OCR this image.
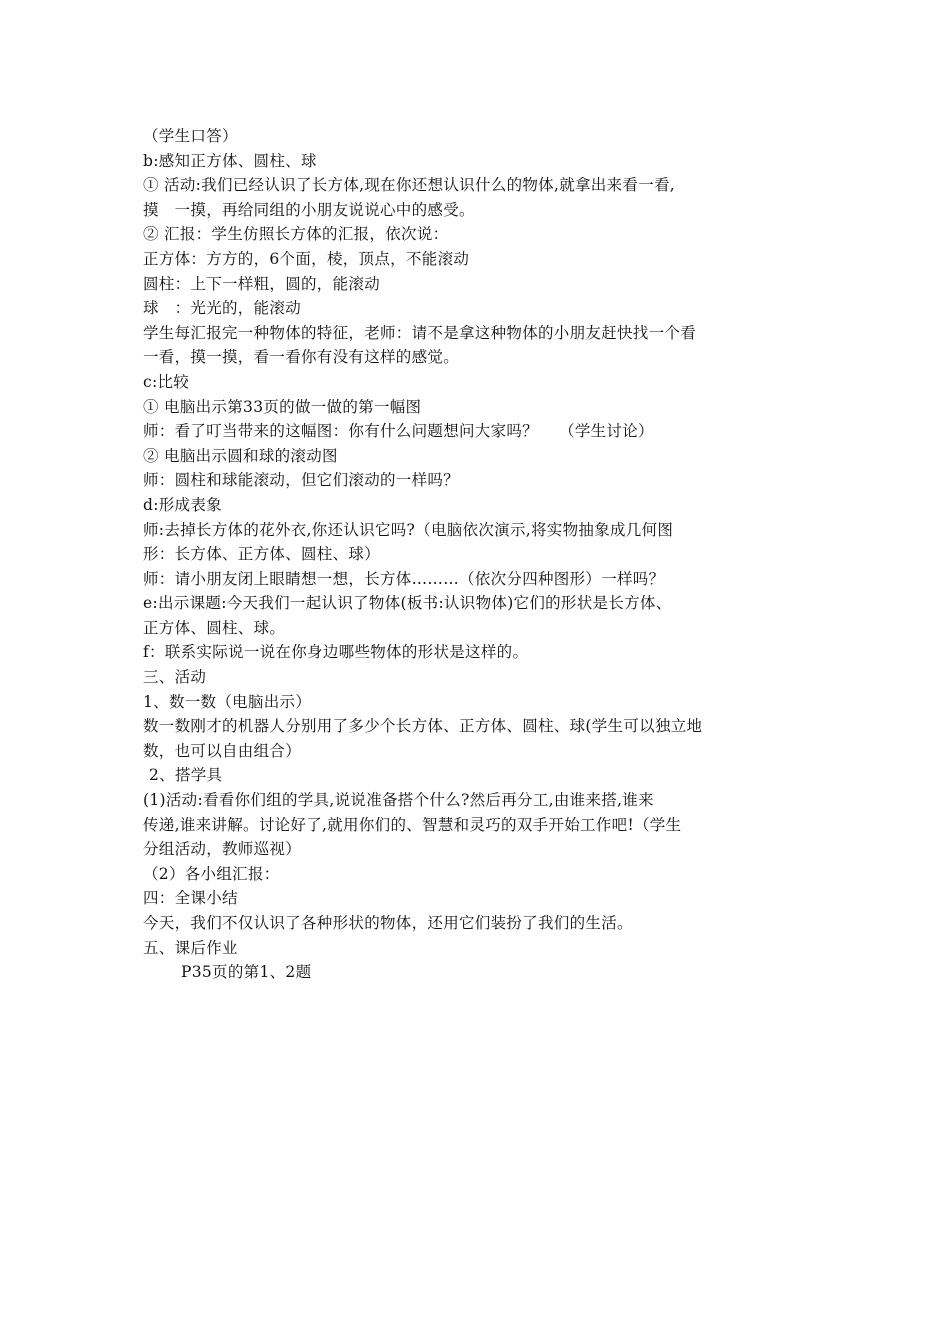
（学生口答）
b:感知正方体、圆柱、球
① 活动:我们已经认识了长方体,现在你还想认识什么的物体,就拿出来看一看,
摸　一摸，再给同组的小朋友说说心中的感受。
② 汇报：学生仿照长方体的汇报，依次说：
正方体：方方的，6个面，棱，顶点，不能滚动
圆柱：上下一样粗，圆的，能滚动
球　：光光的，能滚动
学生每汇报完一种物体的特征，老师：请不是拿这种物体的小朋友赶快找一个看
一看，摸一摸，看一看你有没有这样的感觉。
c:比较
① 电脑出示第33页的做一做的第一幅图
师：看了叮当带来的这幅图：你有什么问题想问大家吗？　 （学生讨论）
② 电脑出示圆和球的滚动图
师：圆柱和球能滚动，但它们滚动的一样吗？
d:形成表象
师:去掉长方体的花外衣,你还认识它吗?（电脑依次演示,将实物抽象成几何图
形：长方体、正方体、圆柱、球）
师：请小朋友闭上眼睛想一想，长方体………（依次分四种图形）一样吗？
e:出示课题:今天我们一起认识了物体(板书:认识物体)它们的形状是长方体、
正方体、圆柱、球。
f：联系实际说一说在你身边哪些物体的形状是这样的。
三、活动
1、数一数（电脑出示）
数一数刚才的机器人分别用了多少个长方体、正方体、圆柱、球(学生可以独立地
数，也可以自由组合）
2、搭学具
(1)活动:看看你们组的学具,说说准备搭个什么?然后再分工,由谁来搭,谁来
传递,谁来讲解。讨论好了,就用你们的、智慧和灵巧的双手开始工作吧!（学生
分组活动，教师巡视）
（2）各小组汇报：
四：全课小结
今天，我们不仅认识了各种形状的物体，还用它们装扮了我们的生活。
五、课后作业
P35页的第1、2题
